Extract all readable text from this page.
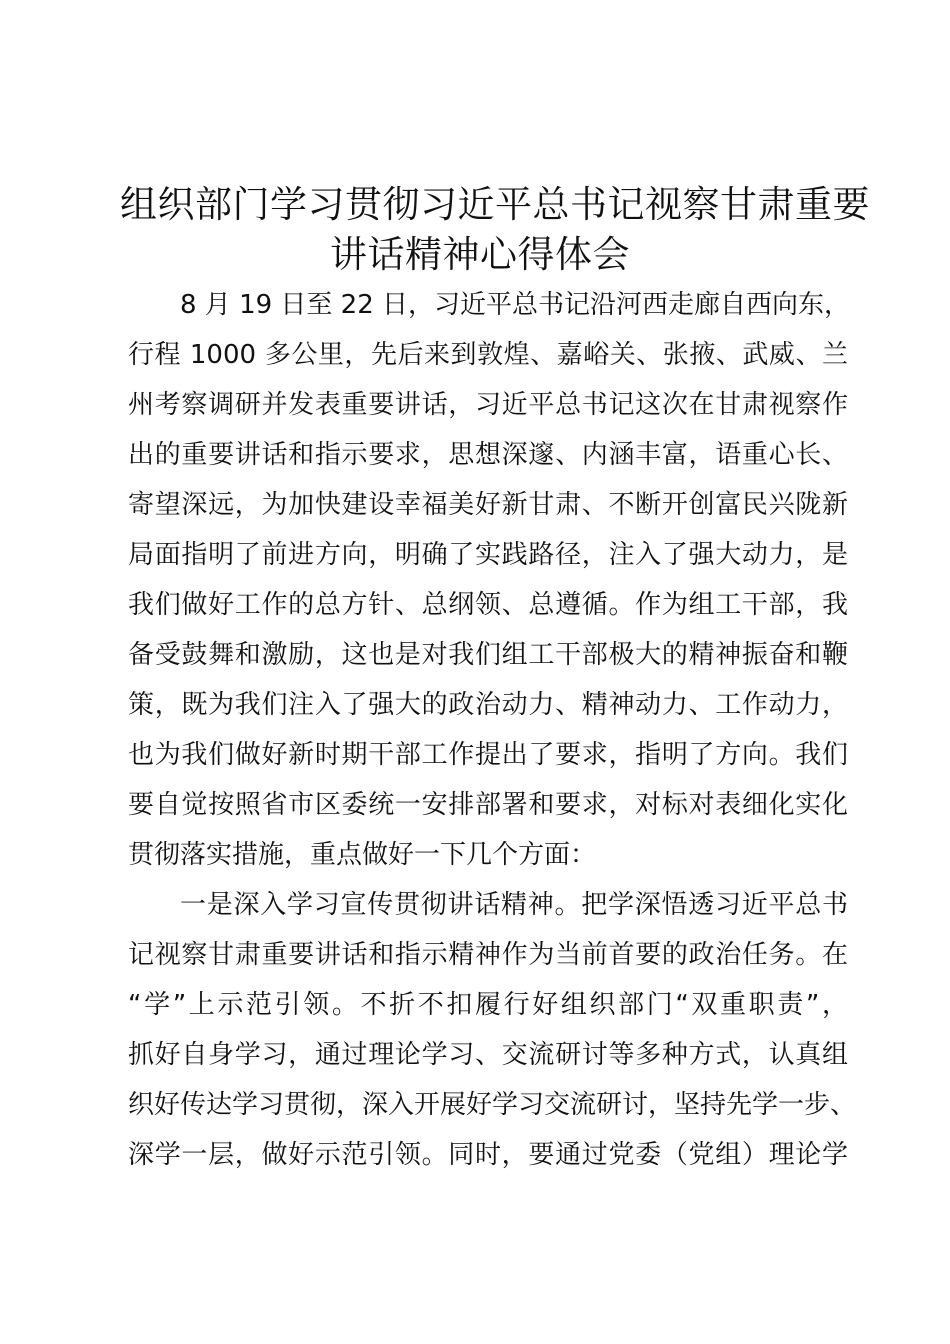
组织部门学习贯彻习近平总书记视察甘肃重要
讲话精神心得体会
8 月 19 日至 22 日，习近平总书记沿河西走廊自西向东，
行程 1000 多公里，先后来到敦煌、嘉峪关、张掖、武威、兰
州考察调研并发表重要讲话，习近平总书记这次在甘肃视察作
出的重要讲话和指示要求，思想深邃、内涵丰富，语重心长、
寄望深远，为加快建设幸福美好新甘肃、不断开创富民兴陇新
局面指明了前进方向，明确了实践路径，注入了强大动力，是
我们做好工作的总方针、总纲领、总遵循。作为组工干部，我
备受鼓舞和激励，这也是对我们组工干部极大的精神振奋和鞭
策，既为我们注入了强大的政治动力、精神动力、工作动力，
也为我们做好新时期干部工作提出了要求，指明了方向。我们
要自觉按照省市区委统一安排部署和要求，对标对表细化实化
贯彻落实措施，重点做好一下几个方面：
一是深入学习宣传贯彻讲话精神。把学深悟透习近平总书
记视察甘肃重要讲话和指示精神作为当前首要的政治任务。在
“学”上示范引领。不折不扣履行好组织部门“双重职责”，
抓好自身学习，通过理论学习、交流研讨等多种方式，认真组
织好传达学习贯彻，深入开展好学习交流研讨，坚持先学一步、
深学一层，做好示范引领。同时，要通过党委（党组）理论学
